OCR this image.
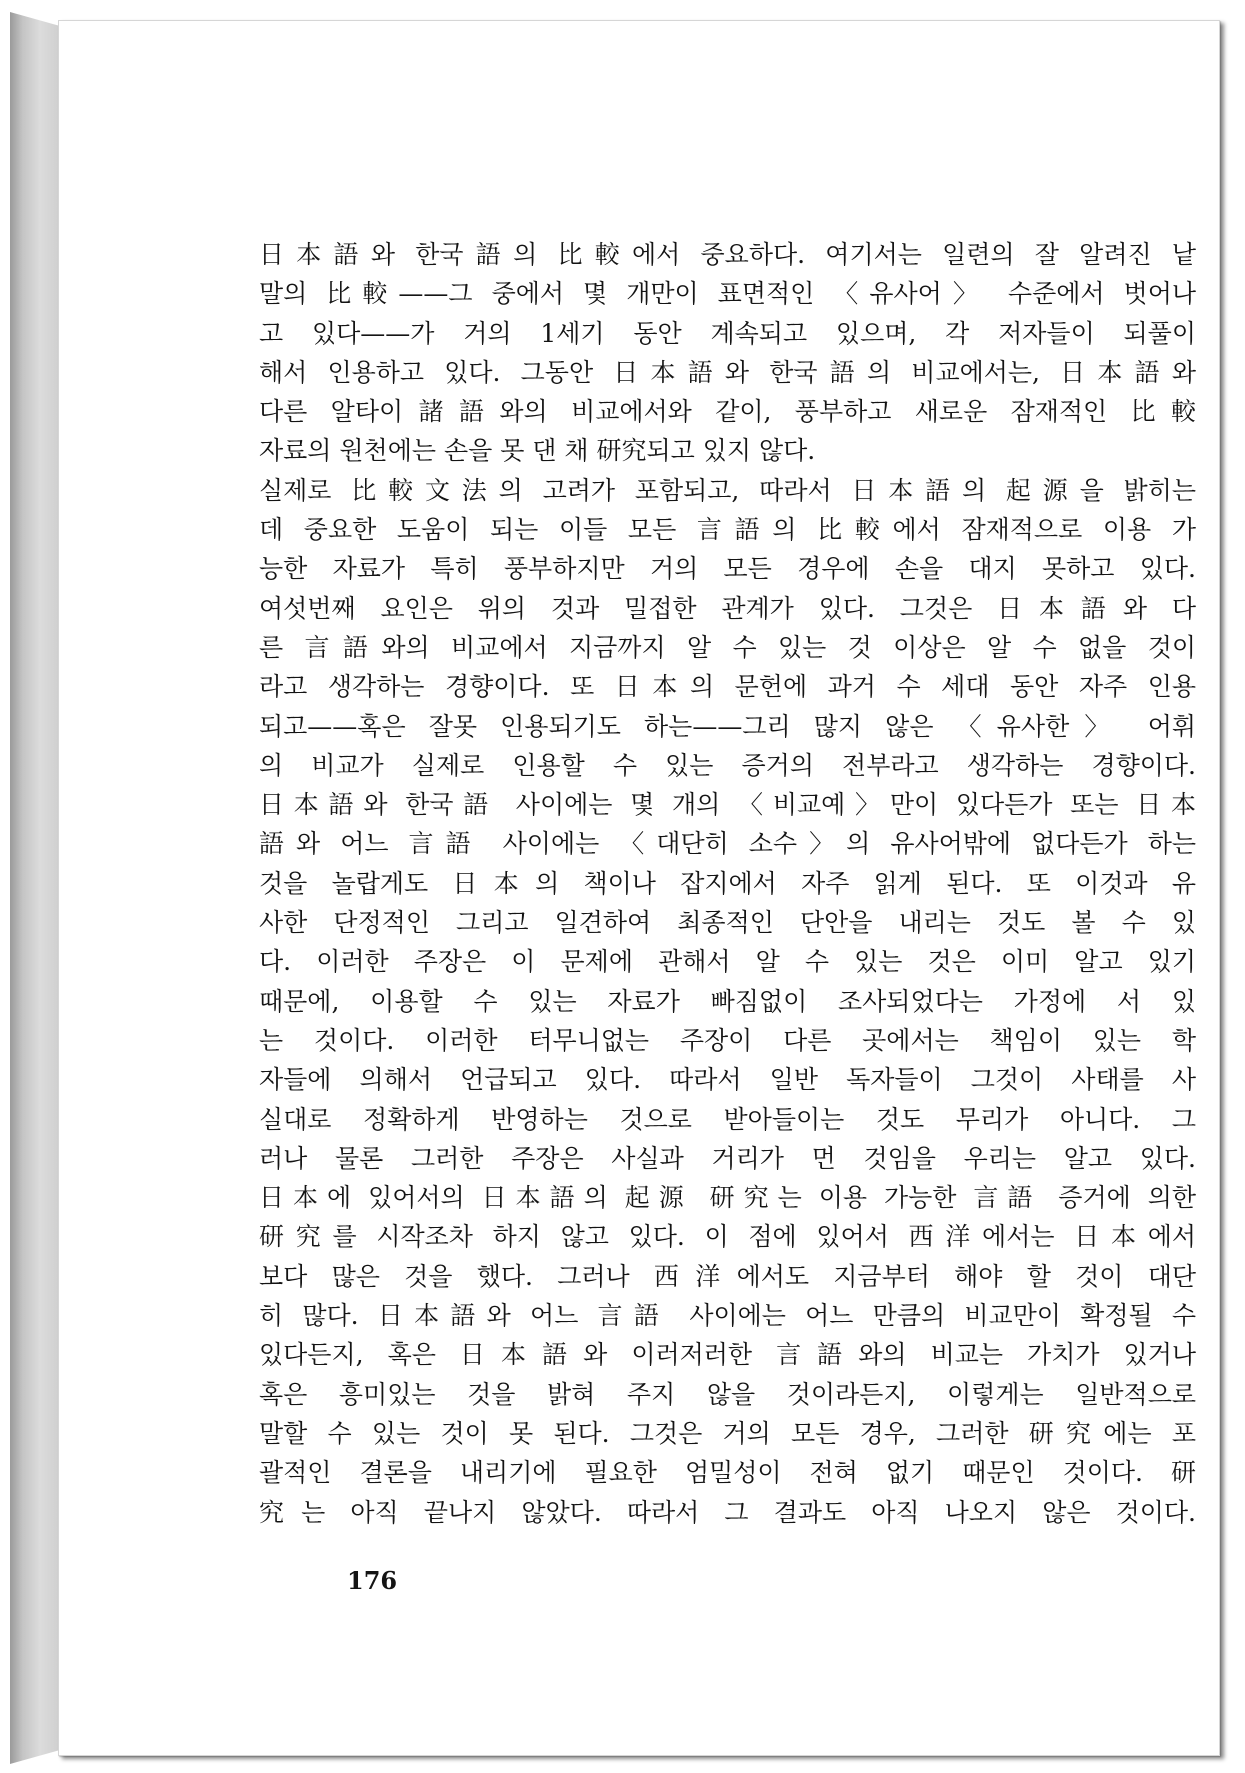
日本語와 한국語의 比較에서 중요하다. 여기서는 일련의 잘 알려진 낱
말의 比較——그 중에서 몇 개만이 표면적인 〈유사어〉 수준에서 벗어나
고 있다——가 거의 1세기 동안 계속되고 있으며, 각 저자들이 되풀이
해서 인용하고 있다. 그동안 日本語와 한국語의 비교에서는, 日本語와
다른 알타이諸語와의 비교에서와 같이, 풍부하고 새로운 잠재적인 比較
자료의 원천에는 손을 못 댄 채 研究되고 있지 않다.
실제로 比較文法의 고려가 포함되고, 따라서 日本語의 起源을 밝히는
데 중요한 도움이 되는 이들 모든 言語의 比較에서 잠재적으로 이용 가
능한 자료가 특히 풍부하지만 거의 모든 경우에 손을 대지 못하고 있다.
여섯번째 요인은 위의 것과 밀접한 관계가 있다. 그것은 日本語와 다
른 言語와의 비교에서 지금까지 알 수 있는 것 이상은 알 수 없을 것이
라고 생각하는 경향이다. 또 日本의 문헌에 과거 수 세대 동안 자주 인용
되고——혹은 잘못 인용되기도 하는——그리 많지 않은 〈유사한〉 어휘
의 비교가 실제로 인용할 수 있는 증거의 전부라고 생각하는 경향이다.
日本語와 한국語 사이에는 몇 개의 〈비교예〉만이 있다든가 또는 日本
語와 어느 言語 사이에는 〈대단히 소수〉의 유사어밖에 없다든가 하는
것을 놀랍게도 日本의 책이나 잡지에서 자주 읽게 된다. 또 이것과 유
사한 단정적인 그리고 일견하여 최종적인 단안을 내리는 것도 볼 수 있
다. 이러한 주장은 이 문제에 관해서 알 수 있는 것은 이미 알고 있기
때문에, 이용할 수 있는 자료가 빠짐없이 조사되었다는 가정에 서 있
는 것이다. 이러한 터무니없는 주장이 다른 곳에서는 책임이 있는 학
자들에 의해서 언급되고 있다. 따라서 일반 독자들이 그것이 사태를 사
실대로 정확하게 반영하는 것으로 받아들이는 것도 무리가 아니다. 그
러나 물론 그러한 주장은 사실과 거리가 먼 것임을 우리는 알고 있다.
日本에 있어서의 日本語의 起源 研究는 이용 가능한 言語 증거에 의한
研究를 시작조차 하지 않고 있다. 이 점에 있어서 西洋에서는 日本에서
보다 많은 것을 했다. 그러나 西洋에서도 지금부터 해야 할 것이 대단
히 많다. 日本語와 어느 言語 사이에는 어느 만큼의 비교만이 확정될 수
있다든지, 혹은 日本語와 이러저러한 言語와의 비교는 가치가 있거나
혹은 흥미있는 것을 밝혀 주지 않을 것이라든지, 이렇게는 일반적으로
말할 수 있는 것이 못 된다. 그것은 거의 모든 경우, 그러한 研究에는 포
괄적인 결론을 내리기에 필요한 엄밀성이 전혀 없기 때문인 것이다. 研
究는 아직 끝나지 않았다. 따라서 그 결과도 아직 나오지 않은 것이다.
176
